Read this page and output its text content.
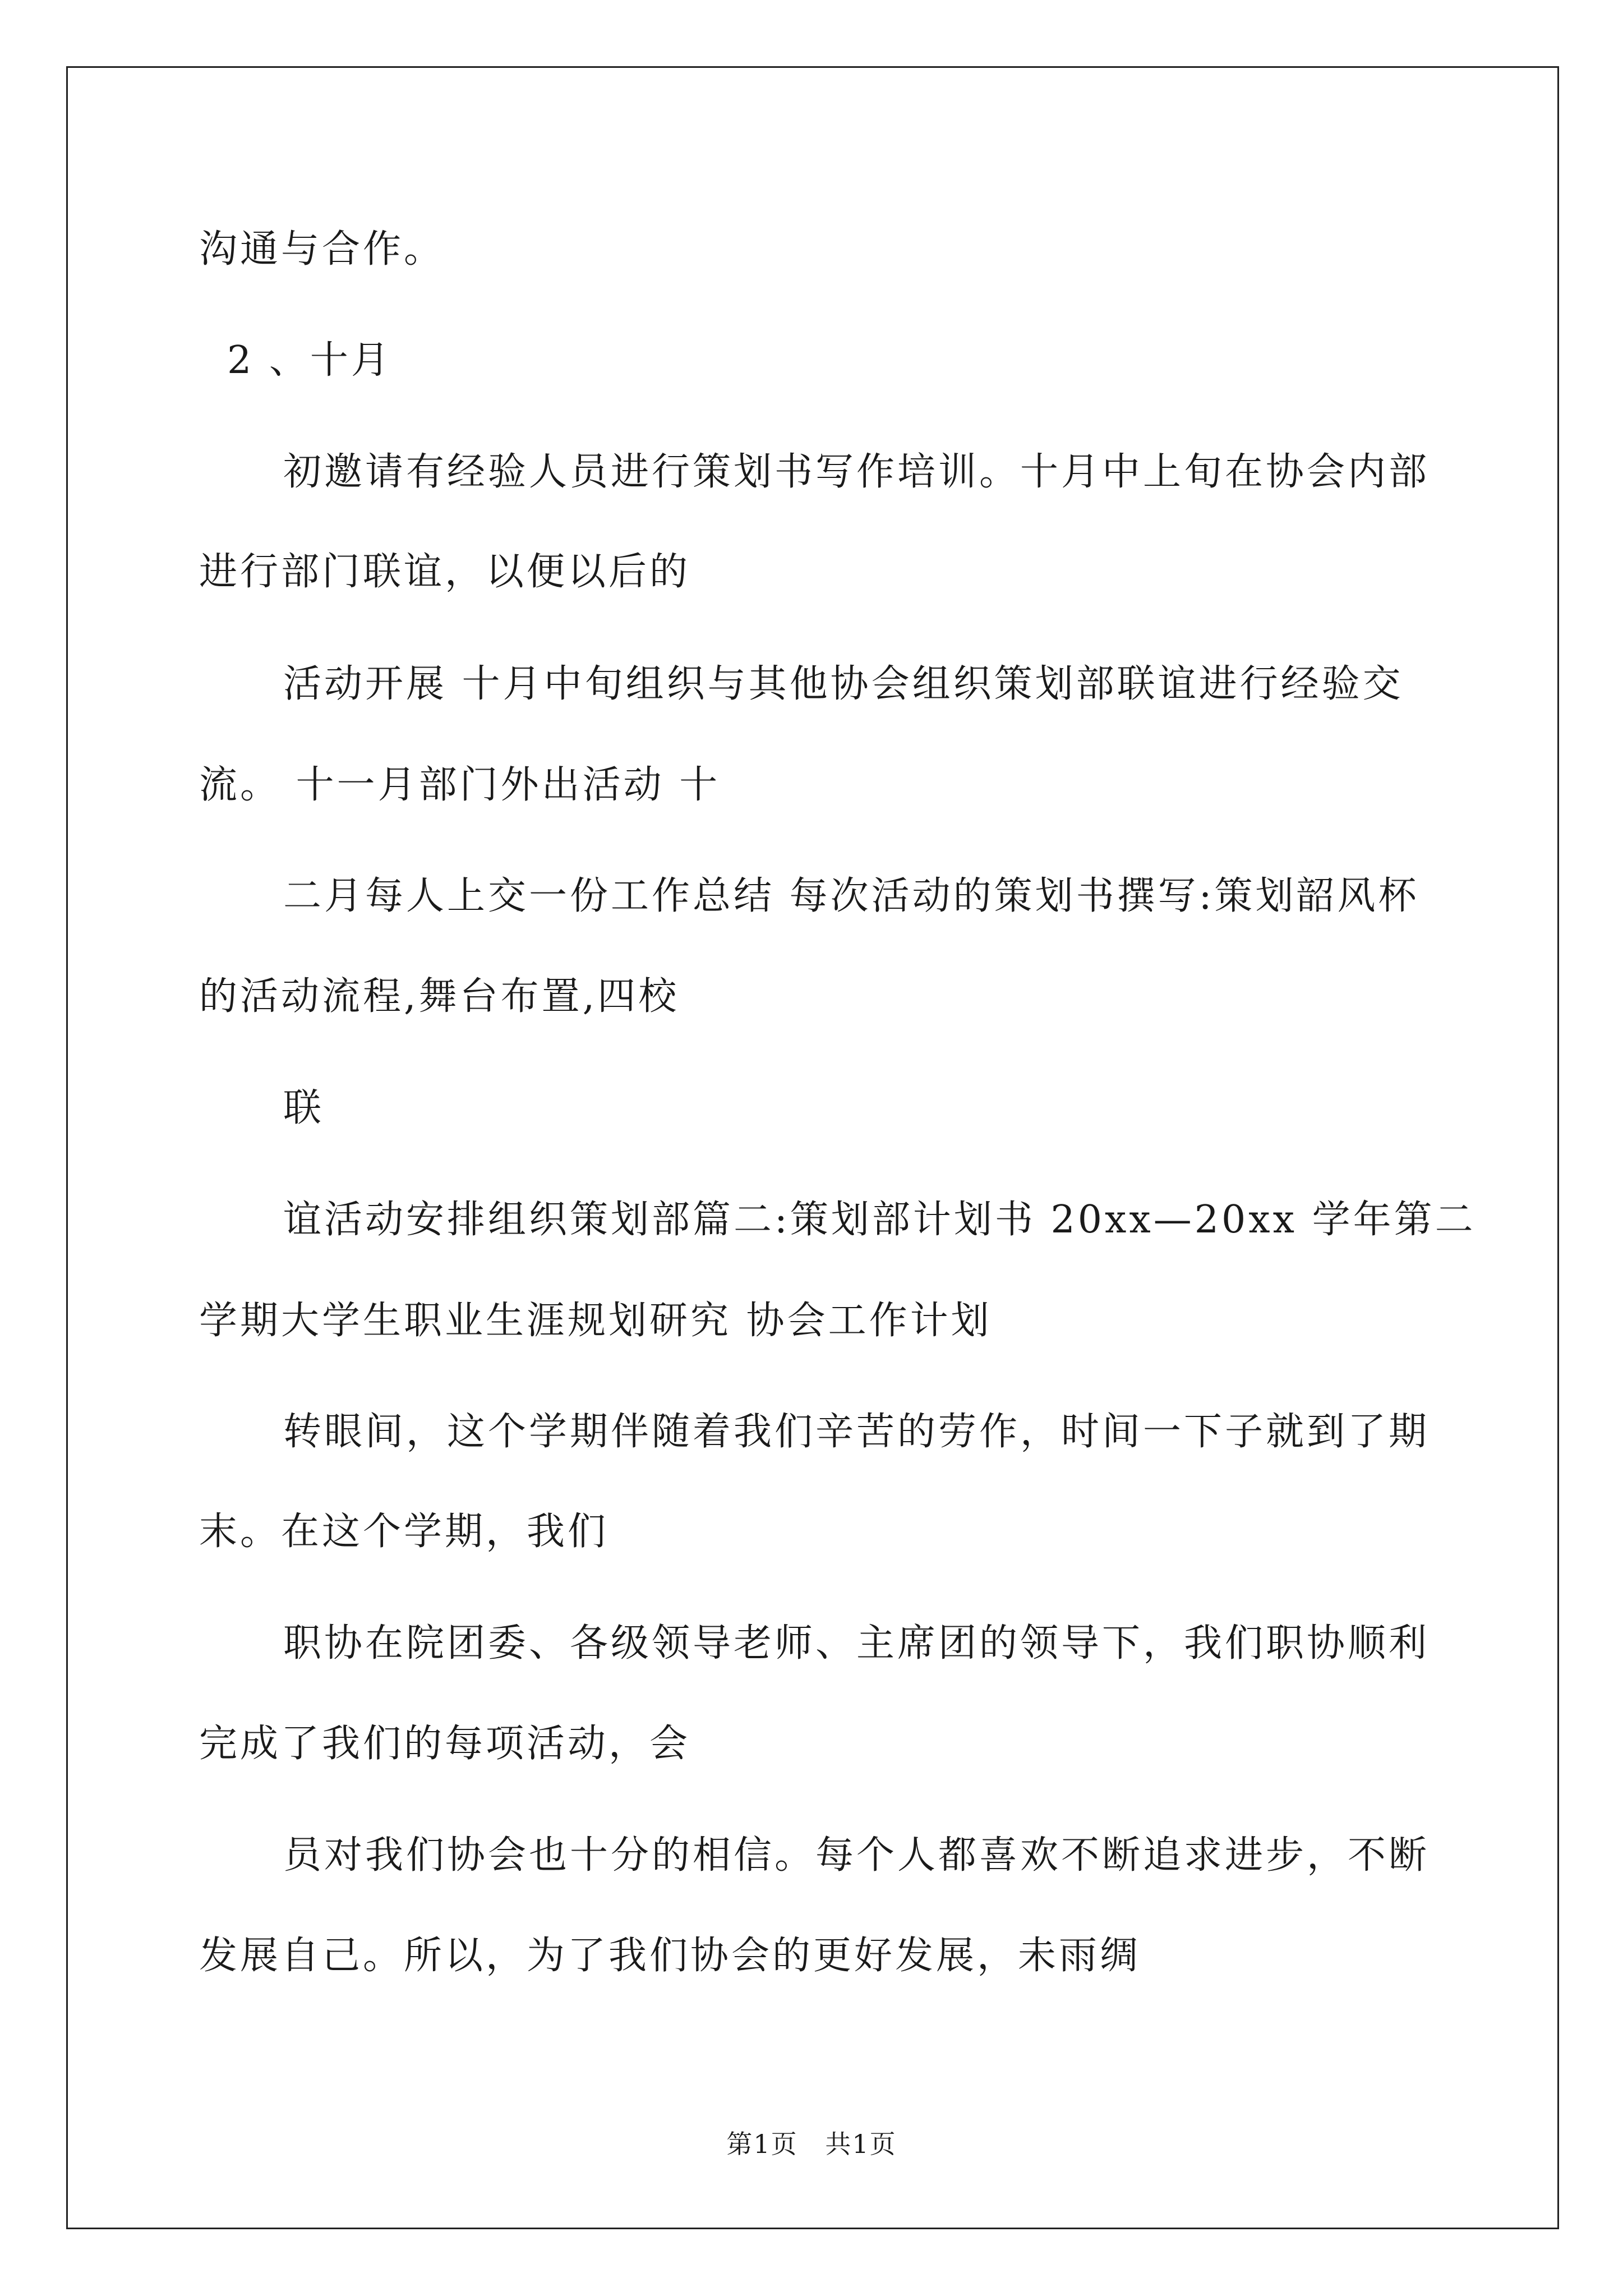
沟通与合作。
2 、十月
初邀请有经验人员进行策划书写作培训。十月中上旬在协会内部
进行部门联谊，以便以后的
活动开展 十月中旬组织与其他协会组织策划部联谊进行经验交
流。 十一月部门外出活动 十
二月每人上交一份工作总结 每次活动的策划书撰写:策划韶风杯
的活动流程,舞台布置,四校
联
谊活动安排组织策划部篇二:策划部计划书 20xx—20xx 学年第二
学期大学生职业生涯规划研究 协会工作计划
转眼间，这个学期伴随着我们辛苦的劳作，时间一下子就到了期
末。在这个学期，我们
职协在院团委、各级领导老师、主席团的领导下，我们职协顺利
完成了我们的每项活动，会
员对我们协会也十分的相信。每个人都喜欢不断追求进步，不断
发展自己。所以，为了我们协会的更好发展，未雨绸
第1页 共1页
